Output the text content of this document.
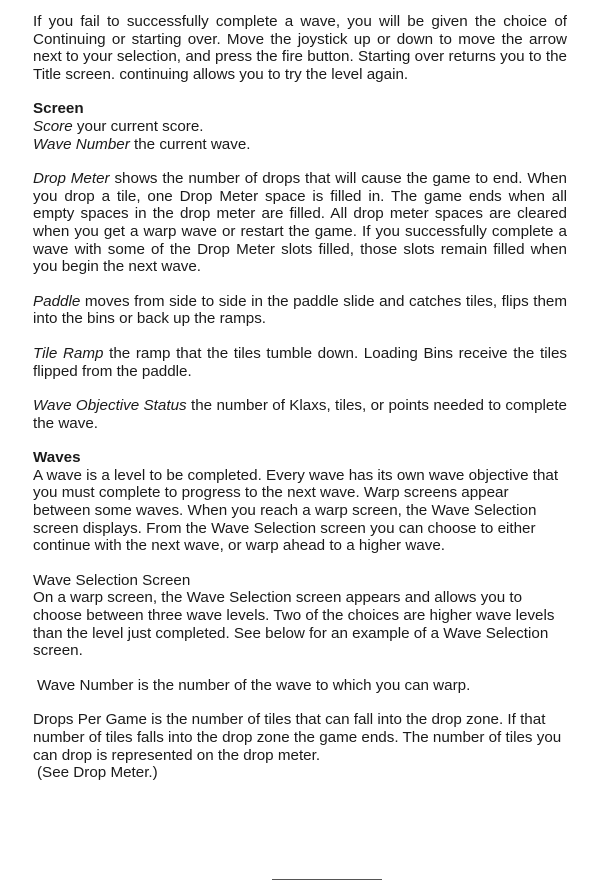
If you fail to successfully complete a wave, you will be given the choice of Continuing or starting over. Move the joystick up or down to move the arrow next to your selection, and press the fire button. Starting over returns you to the Title screen. continuing allows you to try the level again.

Screen

Score your current score.

Wave Number the current wave.

Drop Meter shows the number of drops that will cause the game to end. When you drop a tile, one Drop Meter space is filled in. The game ends when all empty spaces in the drop meter are filled. All drop meter spaces are cleared when you get a warp wave or restart the game. If you successfully complete a wave with some of the Drop Meter slots filled, those slots remain filled when you begin the next wave.

Paddle moves from side to side in the paddle slide and catches tiles, flips them into the bins or back up the ramps.

Tile Ramp the ramp that the tiles tumble down. Loading Bins receive the tiles flipped from the paddle.

Wave Objective Status the number of Klaxs, tiles, or points needed to complete the wave.

Waves

A wave is a level to be completed. Every wave has its own wave objective that you must complete to progress to the next wave. Warp screens appear between some waves. When you reach a warp screen, the Wave Selection screen displays. From the Wave Selection screen you can choose to either continue with the next wave, or warp ahead to a higher wave.

Wave Selection Screen

On a warp screen, the Wave Selection screen appears and allows you to choose between three wave levels. Two of the choices are higher wave levels than the level just completed. See below for an example of a Wave Selection screen.

Wave Number is the number of the wave to which you can warp.

Drops Per Game is the number of tiles that can fall into the drop zone. If that number of tiles falls into the drop zone the game ends. The number of tiles you can drop is represented on the drop meter.

(See Drop Meter.)
